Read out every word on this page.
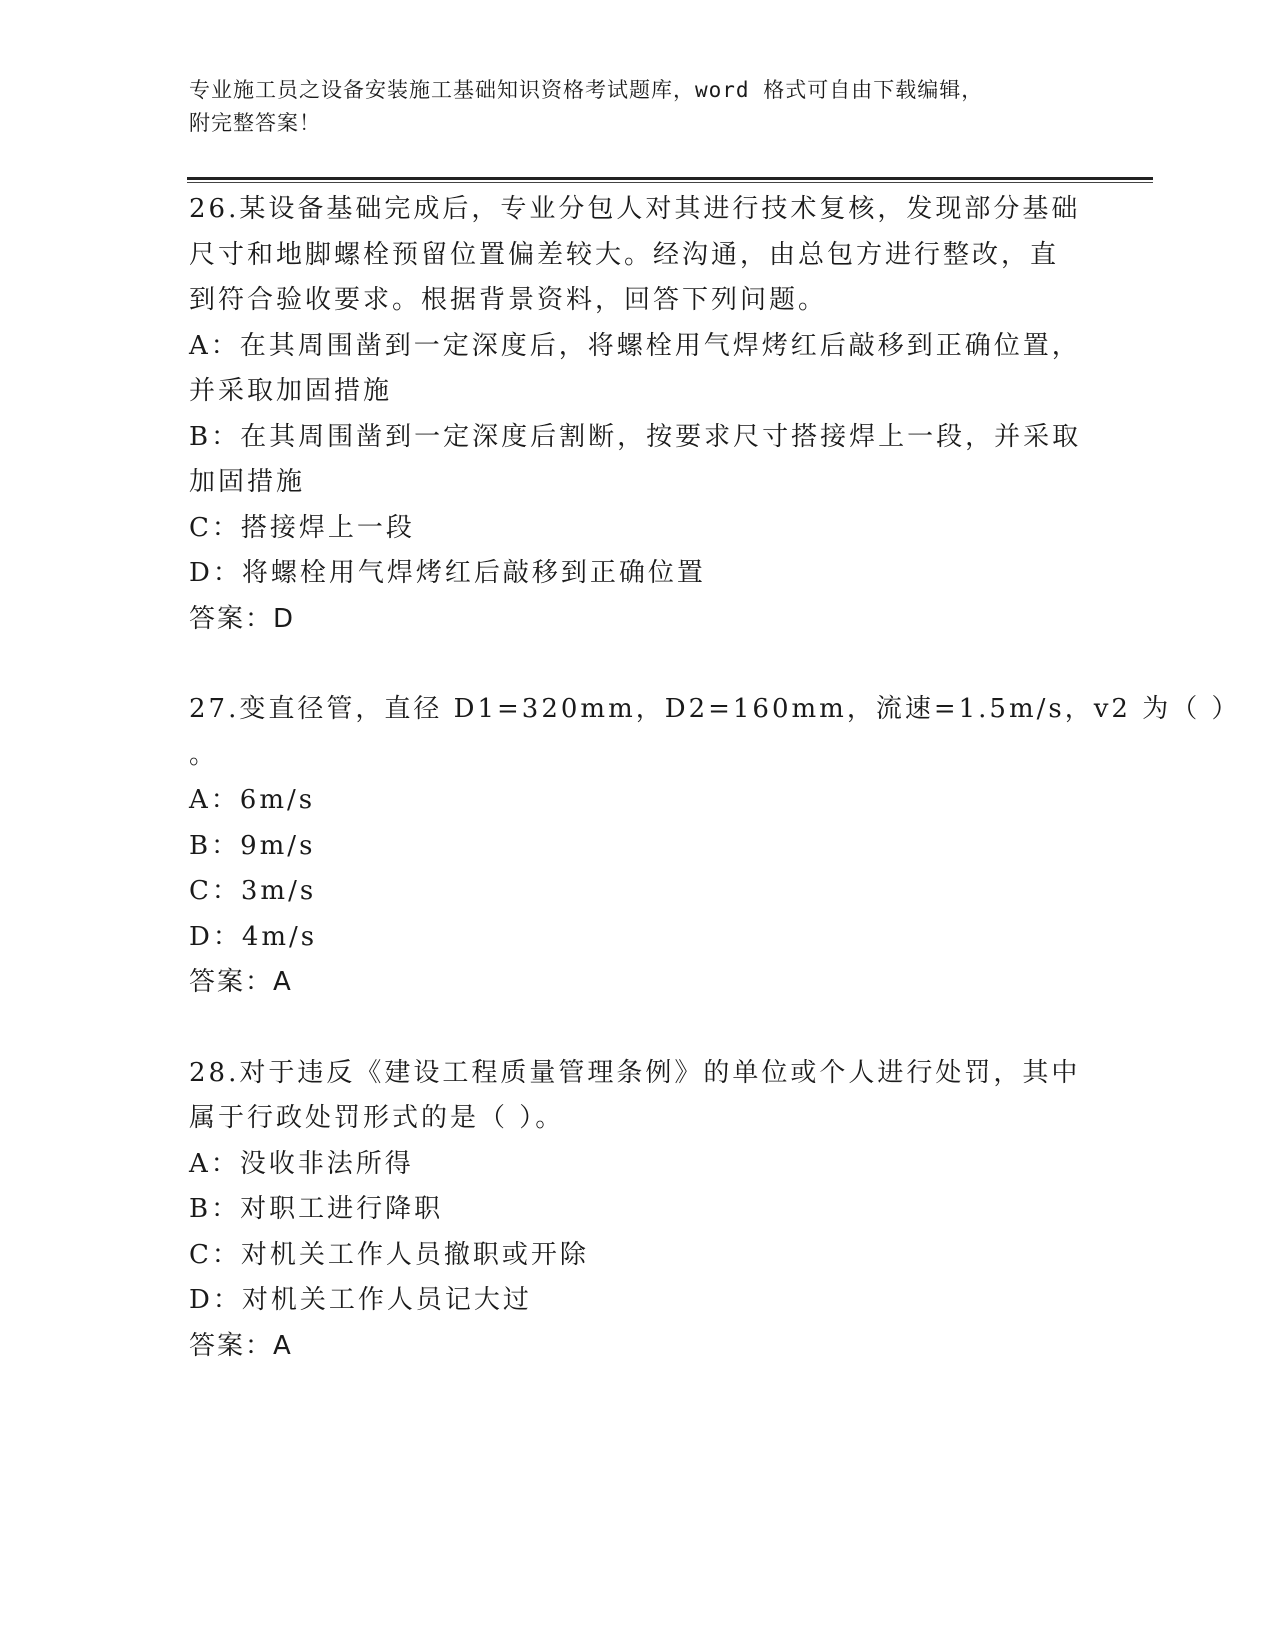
专业施工员之设备安装施工基础知识资格考试题库，word 格式可自由下载编辑，
附完整答案！
26.某设备基础完成后，专业分包人对其进行技术复核，发现部分基础
尺寸和地脚螺栓预留位置偏差较大。经沟通，由总包方进行整改，直
到符合验收要求。根据背景资料，回答下列问题。
A：在其周围凿到一定深度后，将螺栓用气焊烤红后敲移到正确位置，
并采取加固措施
B：在其周围凿到一定深度后割断，按要求尺寸搭接焊上一段，并采取
加固措施
C：搭接焊上一段
D：将螺栓用气焊烤红后敲移到正确位置
答案：D
27.变直径管，直径 D1=320mm，D2=160mm，流速=1.5m/s，v2 为（ ）
。
A：6m/s
B：9m/s
C：3m/s
D：4m/s
答案：A
28.对于违反《建设工程质量管理条例》的单位或个人进行处罚，其中
属于行政处罚形式的是（ ）。
A：没收非法所得
B：对职工进行降职
C：对机关工作人员撤职或开除
D：对机关工作人员记大过
答案：A
